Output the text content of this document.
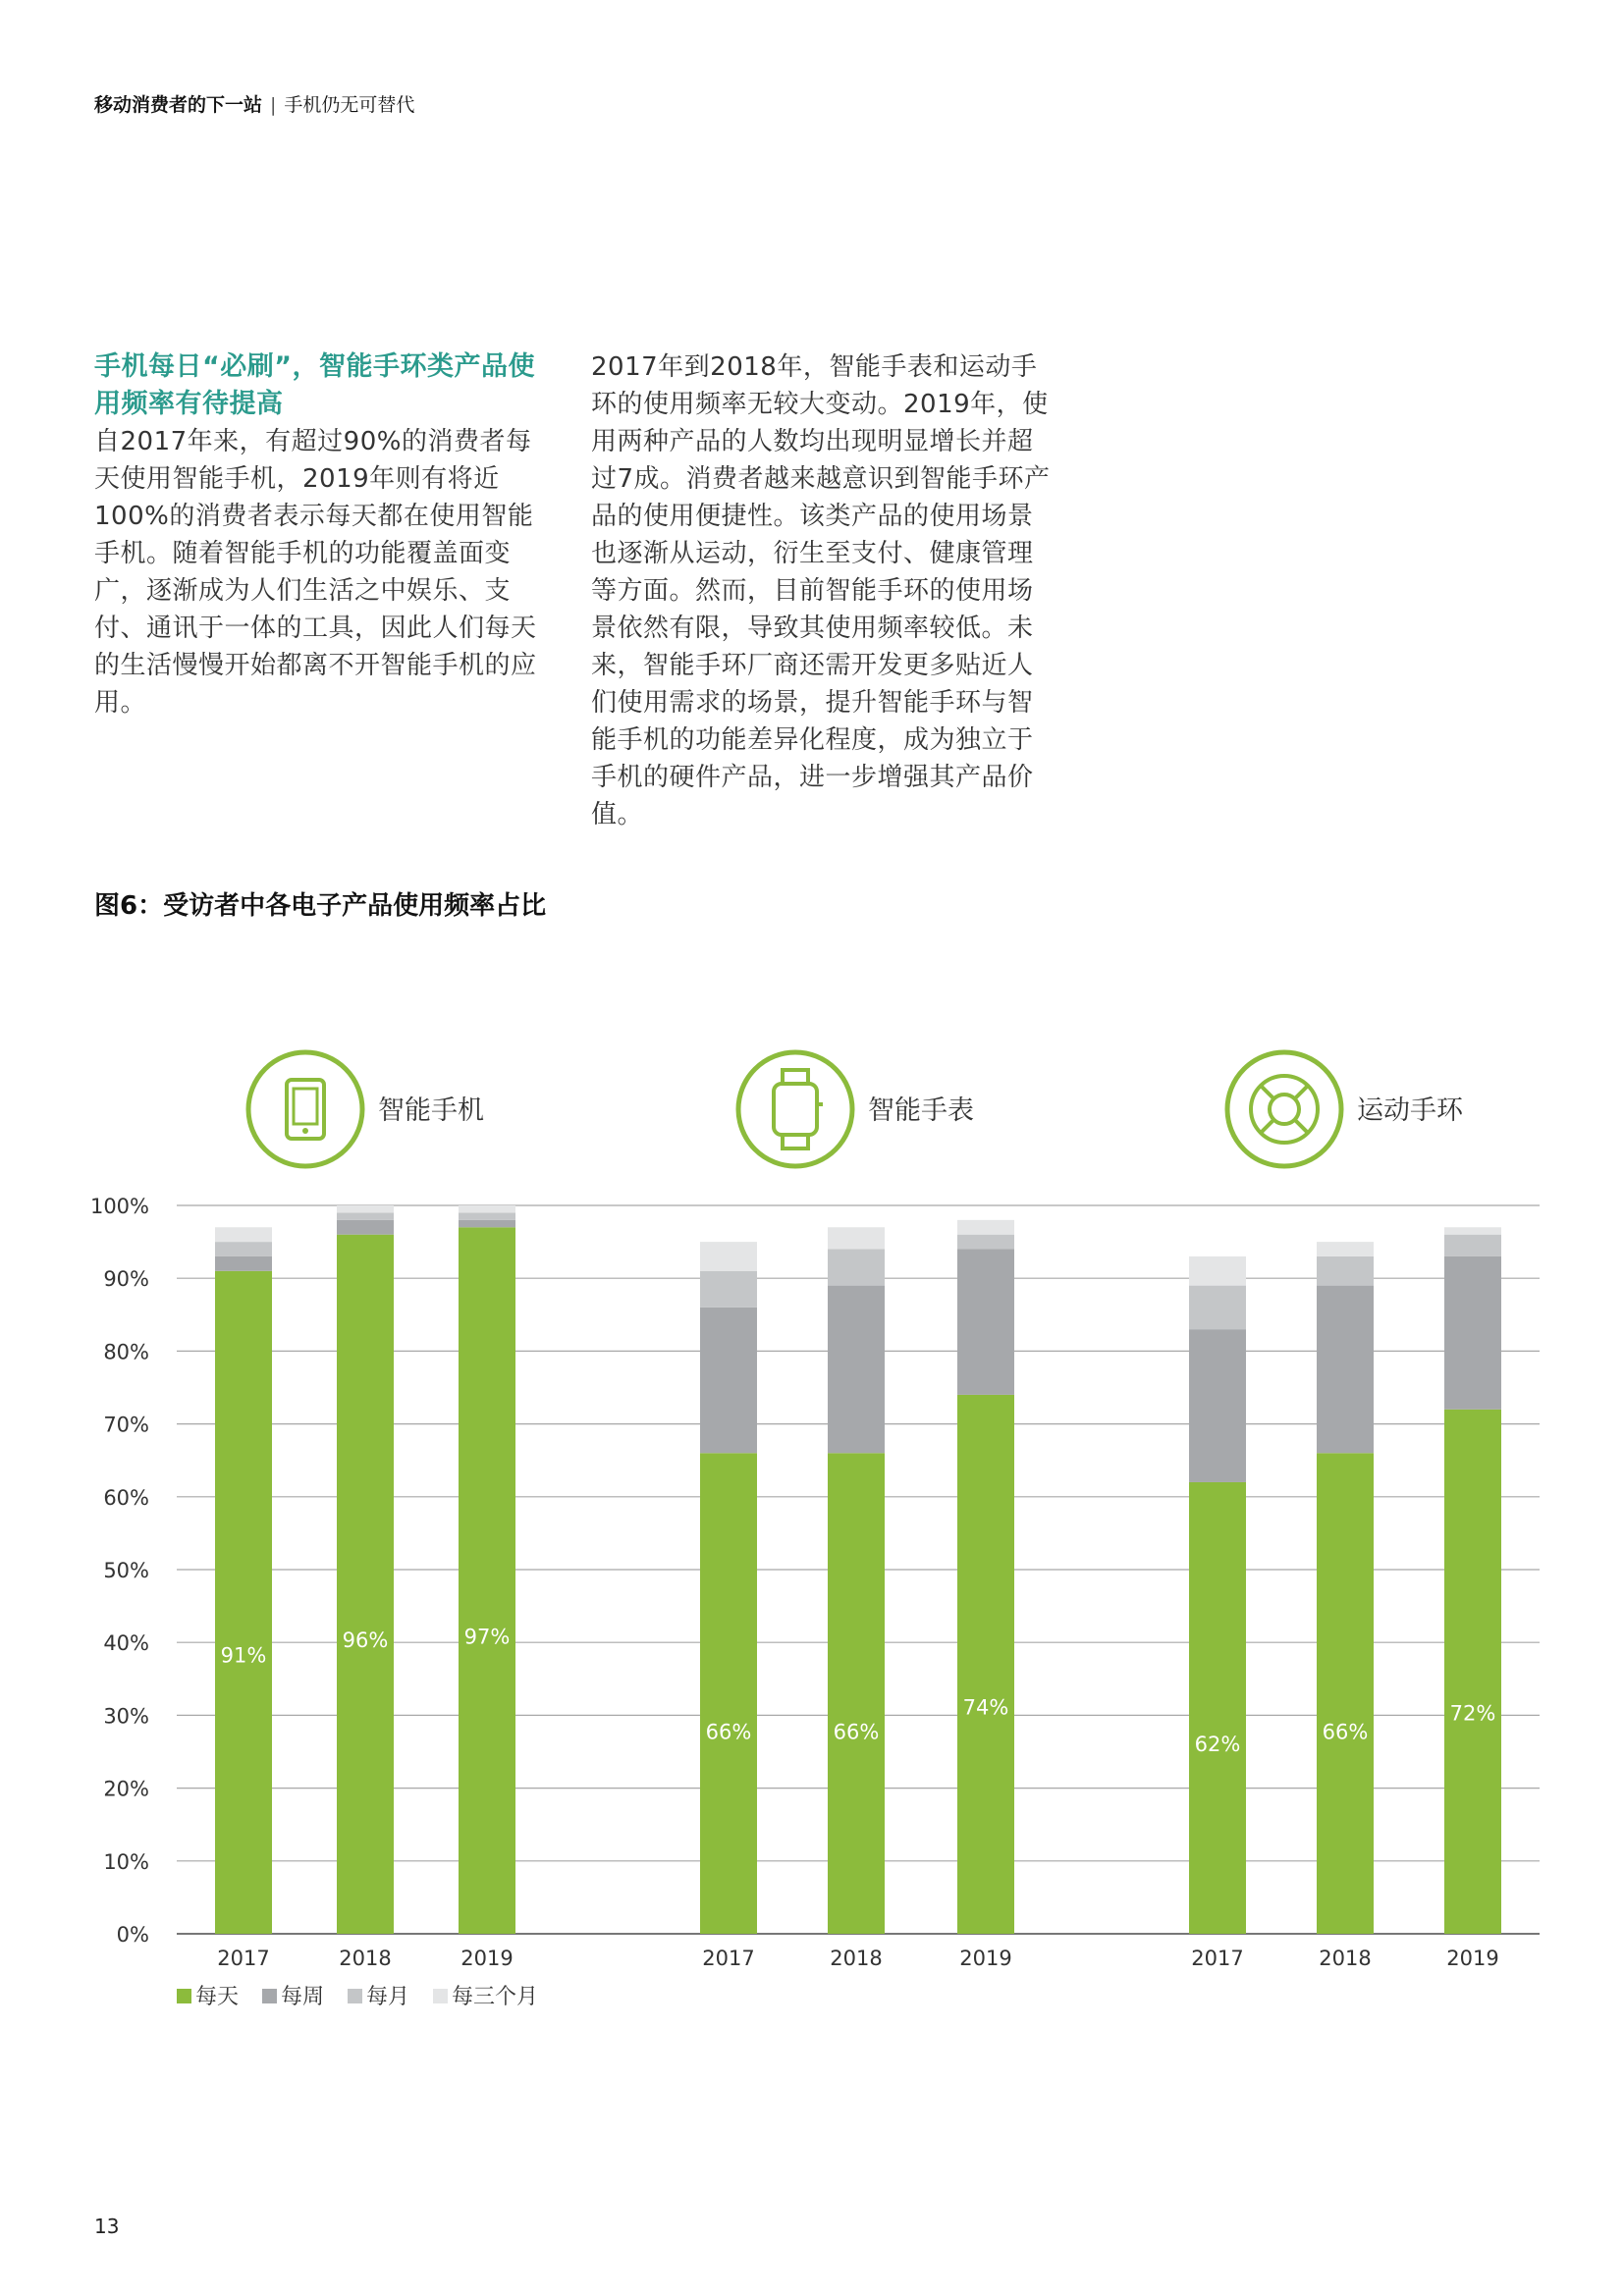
移动消费者的下一站 | 手机仍无可替代

手机每日“必刷”，智能手环类产品使用频率有待提高

自2017年来，有超过90%的消费者每天使用智能手机，2019年则有将近100%的消费者表示每天都在使用智能手机。随着智能手机的功能覆盖面变广，逐渐成为人们生活之中娱乐、支付、通讯于一体的工具，因此人们每天的生活慢慢开始都离不开智能手机的应用。

2017年到2018年，智能手表和运动手环的使用频率无较大变动。2019年，使用两种产品的人数均出现明显增长并超过7成。消费者越来越意识到智能手环产品的使用便捷性。该类产品的使用场景也逐渐从运动，衍生至支付、健康管理等方面。然而，目前智能手环的使用场景依然有限，导致其使用频率较低。未来，智能手环厂商还需开发更多贴近人们使用需求的场景，提升智能手环与智能手机的功能差异化程度，成为独立于手机的硬件产品，进一步增强其产品价值。

图6：受访者中各电子产品使用频率占比
0%
10%
20%
30%
40%
50%
60%
70%
80%
90%
100%
91%
2017
96%
2018
97%
2019
66%
2017
66%
2018
74%
2019
62%
2017
66%
2018
72%
2019
智能手机	智能手表	运动手环
每天 每周 每月 每三个月
13
